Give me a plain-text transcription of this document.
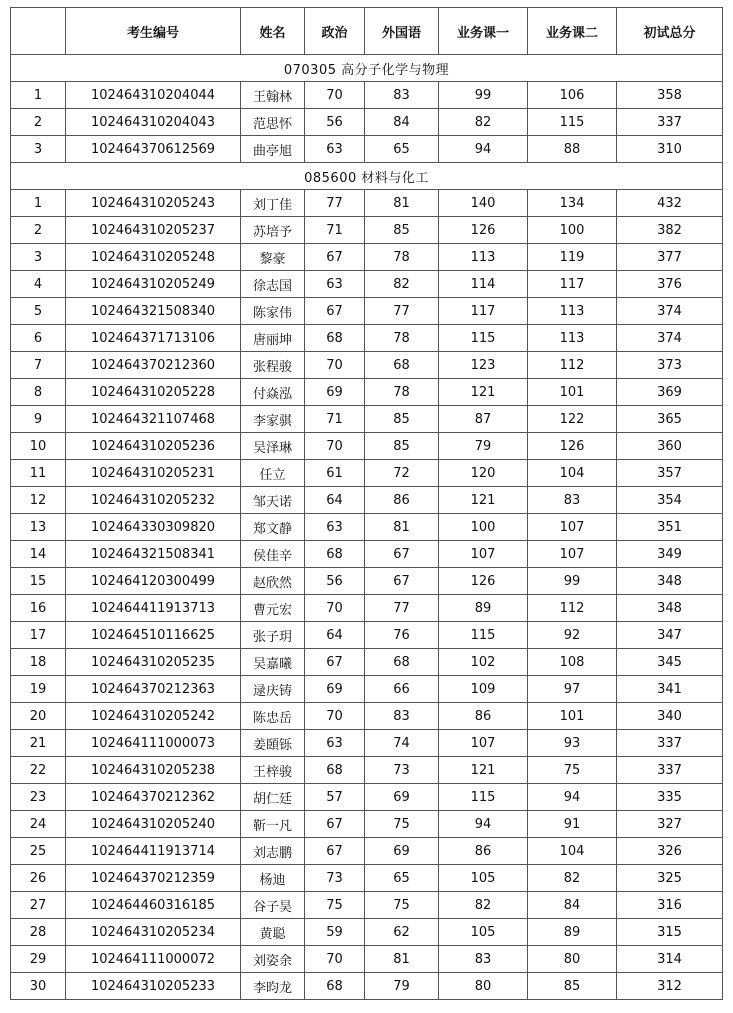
	考生编号	姓名	政治	外国语	业务课一	业务课二	初试总分
070305 高分子化学与物理							
1	102464310204044	王翰林	70	83	99	106	358
2	102464310204043	范思怀	56	84	82	115	337
3	102464370612569	曲亭旭	63	65	94	88	310
085600 材料与化工							
1	102464310205243	刘丁佳	77	81	140	134	432
2	102464310205237	苏培予	71	85	126	100	382
3	102464310205248	黎豪	67	78	113	119	377
4	102464310205249	徐志国	63	82	114	117	376
5	102464321508340	陈家伟	67	77	117	113	374
6	102464371713106	唐丽坤	68	78	115	113	374
7	102464370212360	张程骏	70	68	123	112	373
8	102464310205228	付焱泓	69	78	121	101	369
9	102464321107468	李家骐	71	85	87	122	365
10	102464310205236	吴泽琳	70	85	79	126	360
11	102464310205231	任立	61	72	120	104	357
12	102464310205232	邹天诺	64	86	121	83	354
13	102464330309820	郑文静	63	81	100	107	351
14	102464321508341	侯佳辛	68	67	107	107	349
15	102464120300499	赵欣然	56	67	126	99	348
16	102464411913713	曹元宏	70	77	89	112	348
17	102464510116625	张子玥	64	76	115	92	347
18	102464310205235	吴嘉曦	67	68	102	108	345
19	102464370212363	逯庆铸	69	66	109	97	341
20	102464310205242	陈忠岳	70	83	86	101	340
21	102464111000073	姜頣铄	63	74	107	93	337
22	102464310205238	王梓骏	68	73	121	75	337
23	102464370212362	胡仁廷	57	69	115	94	335
24	102464310205240	靳一凡	67	75	94	91	327
25	102464411913714	刘志鹏	67	69	86	104	326
26	102464370212359	杨迪	73	65	105	82	325
27	102464460316185	谷子昊	75	75	82	84	316
28	102464310205234	黄聪	59	62	105	89	315
29	102464111000072	刘姿余	70	81	83	80	314
30	102464310205233	李昀龙	68	79	80	85	312
